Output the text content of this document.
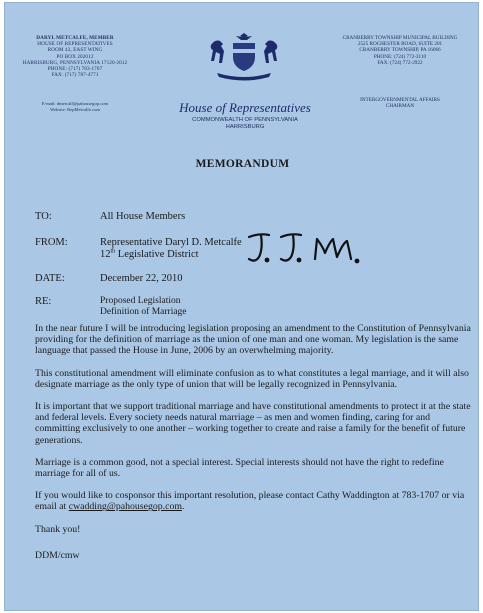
DARYL METCALFE, MEMBER
HOUSE OF REPRESENTATIVES
ROOM 43, EAST WING
PO BOX 202012
HARRISBURG, PENNSYLVANIA 17120-2012
PHONE: (717) 783-1707
FAX: (717) 787-4771
E-mail: dmetcalf@pahousegop.com
Website: RepMetcalfe.com	House of Representatives
COMMONWEALTH OF PENNSYLVANIA
HARRISBURG
CRANBERRY TOWNSHIP MUNICIPAL BUILDING
2525 ROCHESTER ROAD, SUITE 201
CRANBERRY TOWNSHIP, PA 16066
PHONE: (724) 772-3110
FAX: (724) 772-2922
INTERGOVERNMENTAL AFFAIRS
CHAIRMAN
MEMORANDUM
TO:	All House Members
FROM:	Representative Daryl D. Metcalfe
12th Legislative District
DATE:	December 22, 2010
RE:	Proposed Legislation
Definition of Marriage

In the near future I will be introducing legislation proposing an amendment to the Constitution of Pennsylvania providing for the definition of marriage as the union of one man and one woman. My legislation is the same language that passed the House in June, 2006 by an overwhelming majority.

This constitutional amendment will eliminate confusion as to what constitutes a legal marriage, and it will also designate marriage as the only type of union that will be legally recognized in Pennsylvania.

It is important that we support traditional marriage and have constitutional amendments to protect it at the state and federal levels. Every society needs natural marriage – as men and women finding, caring for and committing exclusively to one another – working together to create and raise a family for the benefit of future generations.

Marriage is a common good, not a special interest. Special interests should not have the right to redefine marriage for all of us.

If you would like to cosponsor this important resolution, please contact Cathy Waddington at 783-1707 or via email at cwadding@pahousegop.com.

Thank you!

DDM/cmw
